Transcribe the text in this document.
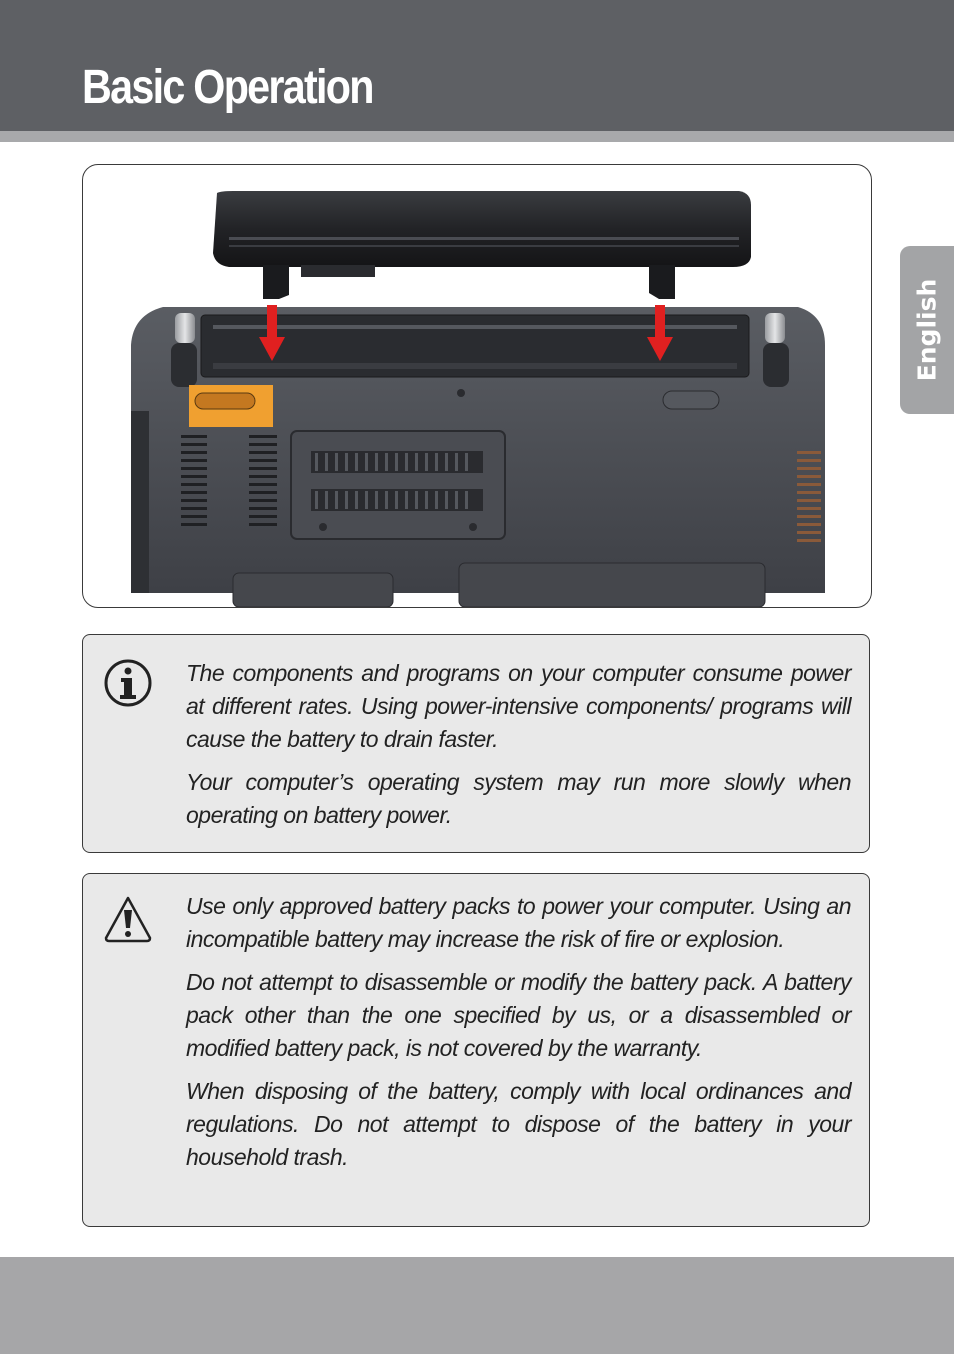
Basic Operation
English

The components and programs on your computer consume power at different rates. Using power-intensive components/ programs will cause the battery to drain faster.

Your computer’s operating system may run more slowly when operating on battery power.

Use only approved battery packs to power your computer. Using an incompatible battery may increase the risk of fire or explosion.

Do not attempt to disassemble or modify the battery pack. A battery pack other than the one specified by us, or a disassembled or modified battery pack, is not covered by the warranty.

When disposing of the battery, comply with local ordinances and regulations. Do not attempt to dispose of the battery in your household trash.
